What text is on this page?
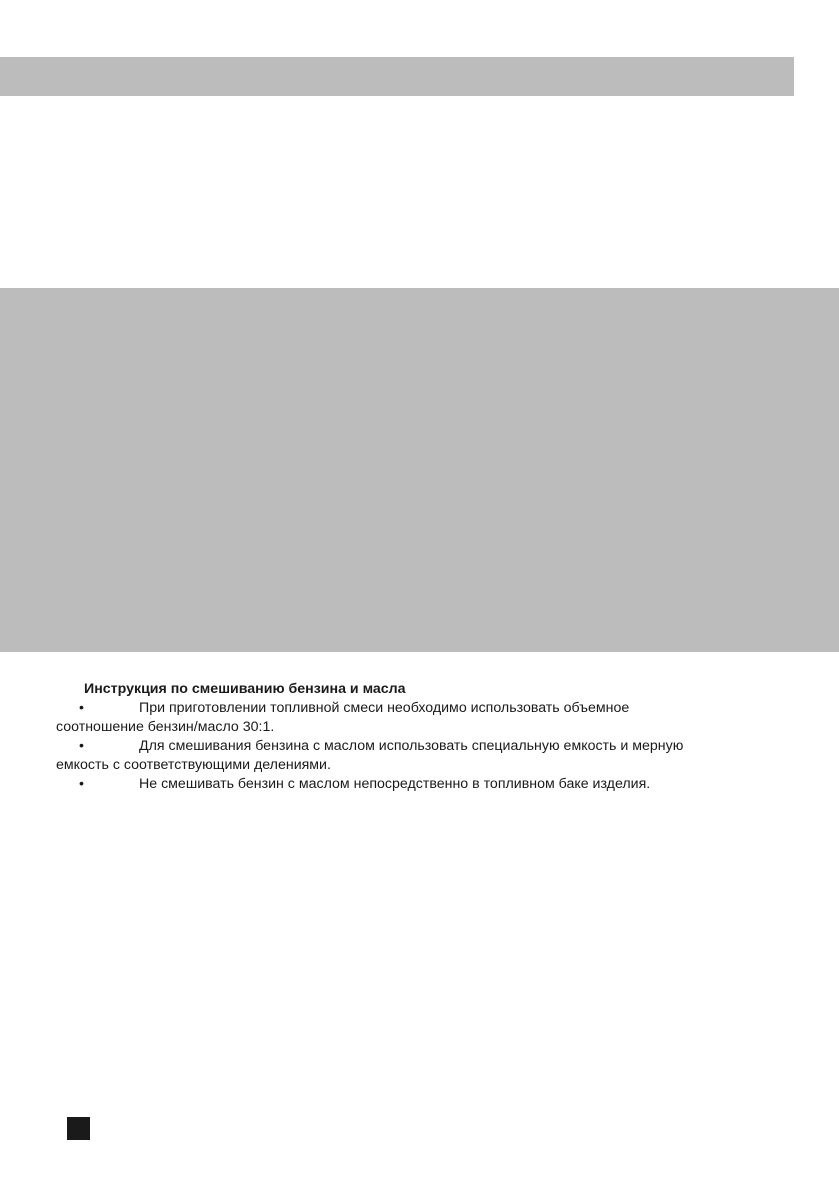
Инструкция по смешиванию бензина и масла

•	При приготовлении топливной смеси необходимо использовать объемное
соотношение бензин/масло 30:1.
•	Для смешивания бензина с маслом использовать специальную емкость и мерную
емкость с соответствующими делениями.
•	Не смешивать бензин с маслом непосредственно в топливном баке изделия.
